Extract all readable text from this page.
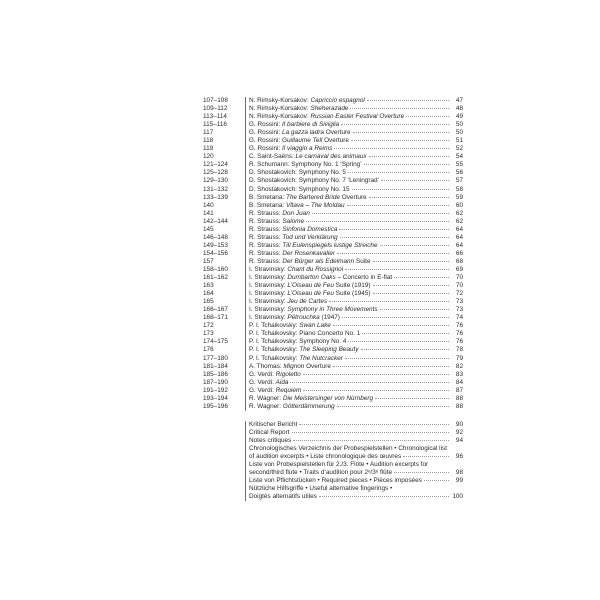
107–108	N. Rimsky-Korsakov: Capriccio espagnol	47
109–112	N. Rimsky-Korsakov: Sheherazade	48
113–114	N. Rimsky-Korsakov: Russian Easter Festival Overture	49
115–116	G. Rossini: Il barbiere di Siviglia	50
117	G. Rossini: La gazza ladra Overture	50
118	G. Rossini: Guillaume Tell Overture	51
119	G. Rossini: Il viaggio a Reims	52
120	C. Saint-Saëns: Le carnaval des animaux	54
121–124	R. Schumann: Symphony No. 1 ‘Spring’	55
125–128	D. Shostakovich: Symphony No. 5	56
129–130	D. Shostakovich: Symphony No. 7 ‘Leningrad’	57
131–132	D. Shostakovich: Symphony No. 15	58
133–139	B. Smetana: The Bartered Bride Overture	59
140	B. Smetana: Vltava – The Moldau	60
141	R. Strauss: Don Juan	62
142–144	R. Strauss: Salome	62
145	R. Strauss: Sinfonia Domestica	64
146–148	R. Strauss: Tod und Verklärung	64
149–153	R. Strauss: Till Eulenspiegels lustige Streiche	64
154–156	R. Strauss: Der Rosenkavalier	66
157	R. Strauss: Der Bürger als Edelmann Suite	68
158–160	I. Stravinsky: Chant du Rossignol	69
161–162	I. Stravinsky: Dumbarton Oaks – Concerto in E-flat	70
163	I. Stravinsky: L’Oiseau de Feu Suite (1919)	70
164	I. Stravinsky: L’Oiseau de Feu Suite (1945)	72
165	I. Stravinsky: Jeu de Cartes	73
166–167	I. Stravinsky: Symphony in Three Movements	73
168–171	I. Stravinsky: Pétrouchka (1947)	74
172	P. I. Tchaikovsky: Swan Lake	76
173	P. I. Tchaikovsky: Piano Concerto No. 1	76
174–175	P. I. Tchaikovsky: Symphony No. 4	76
176	P. I. Tchaikovsky: The Sleeping Beauty	78
177–180	P. I. Tchaikovsky: The Nutcracker	79
181–184	A. Thomas: Mignon Overture	82
185–186	G. Verdi: Rigoletto	83
187–190	G. Verdi: Aida	84
191–192	G. Verdi: Requiem	87
193–194	R. Wagner: Die Meistersinger von Nürnberg	88
195–196	R. Wagner: Götterdämmerung	88
Kritischer Bericht	90
Critical Report	92
Notes critiques	94
Chronologisches Verzeichnis der Probespielstellen • Chronological list
of audition excerpts • Liste chronologique des œuvres	96
Liste von Probespielstellen für 2./3. Flöte • Audition excerpts for
second/third flute • Traits d’audition pour 2ᵉ/3ᵉ flûte	98
Liste von Pflichtstücken • Required pieces • Pièces imposées	99
Nützliche Hilfsgriffe • Useful alternative fingerings •
Doigtés alternatifs utiles	100
